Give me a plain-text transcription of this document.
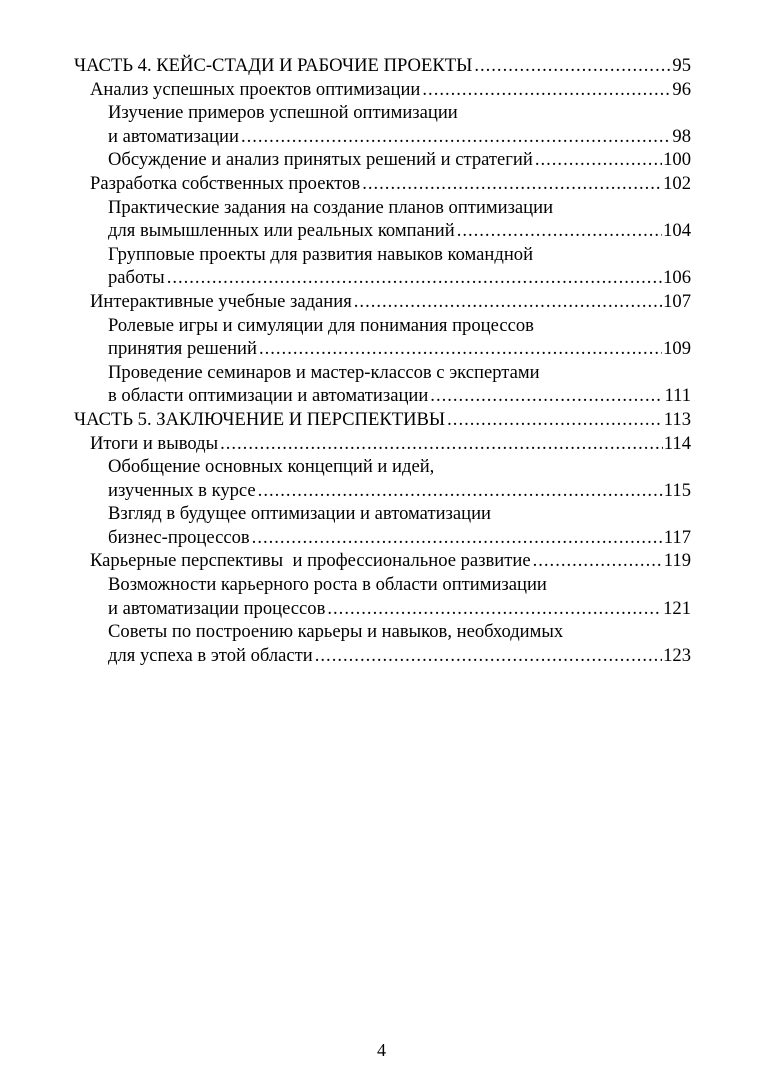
ЧАСТЬ 4. КЕЙС-СТАДИ И РАБОЧИЕ ПРОЕКТЫ .....	95
Анализ успешных проектов оптимизации .....	96
Изучение примеров успешной оптимизации
и автоматизации .....	98
Обсуждение и анализ принятых решений и стратегий .....	100
Разработка собственных проектов .....	102
Практические задания на создание планов оптимизации
для вымышленных или реальных компаний .....	104
Групповые проекты для развития навыков командной
работы .....	106
Интерактивные учебные задания .....	107
Ролевые игры и симуляции для понимания процессов
принятия решений .....	109
Проведение семинаров и мастер-классов с экспертами
в области оптимизации и автоматизации .....	111
ЧАСТЬ 5. ЗАКЛЮЧЕНИЕ И ПЕРСПЕКТИВЫ .....	113
Итоги и выводы .....	114
Обобщение основных концепций и идей,
изученных в курсе .....	115
Взгляд в будущее оптимизации и автоматизации
бизнес-процессов .....	117
Карьерные перспективы  и профессиональное развитие .....	119
Возможности карьерного роста в области оптимизации
и автоматизации процессов .....	121
Советы по построению карьеры и навыков, необходимых
для успеха в этой области .....	123
4
